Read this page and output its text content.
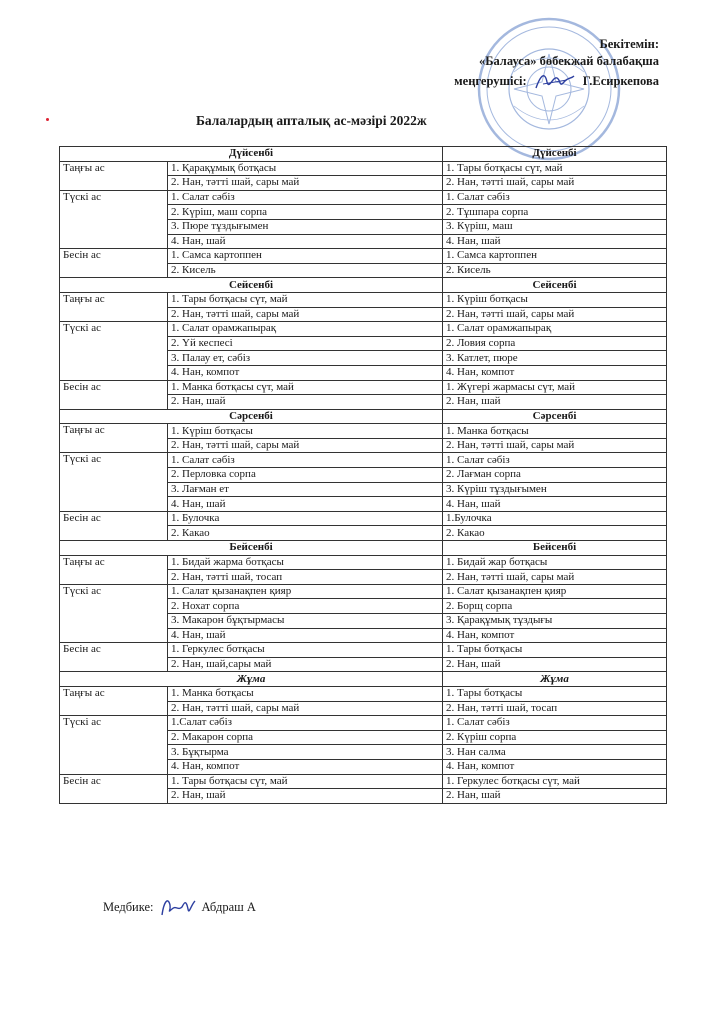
Бекітемін:
«Балауса» бөбекжай балабақша
меңгерушісі:	Г.Есиркепова
Балалардың апталық ас-мәзірі 2022ж
Дүйсенбі		Дүйсенбі
Таңғы ас	1. Қарақұмық ботқасы	1. Тары ботқасы сүт, май
	2. Нан, тәтті шай, сары май	2. Нан, тәтті шай, сары май
Түскі ас	1. Салат сәбіз	1. Салат сәбіз
	2. Күріш, маш сорпа	2. Тұшпара сорпа
	3. Пюре тұздығымен	3. Күріш, маш
	4. Нан, шай	4. Нан, шай
Бесін ас	1. Самса картоппен	1. Самса картоппен
	2. Кисель	2. Кисель
Сейсенбі		Сейсенбі
Таңғы ас	1. Тары ботқасы сүт, май	1. Күріш ботқасы
	2. Нан, тәтті шай, сары май	2. Нан, тәтті шай, сары май
Түскі ас	1. Салат орамжапырақ	1. Салат орамжапырақ
	2. Үй кеспесі	2. Ловия сорпа
	3. Палау ет, сәбіз	3. Катлет, пюре
	4. Нан, компот	4. Нан, компот
Бесін ас	1. Манка ботқасы сүт, май	1. Жүгері жармасы сүт, май
	2. Нан, шай	2. Нан, шай
Сәрсенбі		Сәрсенбі
Таңғы ас	1. Күріш ботқасы	1. Манка ботқасы
	2. Нан, тәтті шай, сары май	2. Нан, тәтті шай, сары май
Түскі ас	1. Салат сәбіз	1. Салат сәбіз
	2. Перловка сорпа	2. Лағман сорпа
	3. Лағман ет	3. Күріш тұздығымен
	4. Нан, шай	4. Нан, шай
Бесін ас	1. Булочка	1.Булочка
	2. Какао	2. Какао
Бейсенбі		Бейсенбі
Таңғы ас	1. Бидай жарма ботқасы	1. Бидай жар ботқасы
	2. Нан, тәтті шай, тосап	2. Нан, тәтті шай, сары май
Түскі ас	1. Салат қызанақпен қияр	1. Салат қызанақпен қияр
	2. Нохат сорпа	2. Борщ сорпа
	3. Макарон бұқтырмасы	3. Қарақұмық тұздығы
	4. Нан, шай	4. Нан, компот
Бесін ас	1. Геркулес ботқасы	1. Тары ботқасы
	2. Нан, шай,сары май	2. Нан, шай
Жұма		Жұма
Таңғы ас	1. Манка ботқасы	1. Тары ботқасы
	2. Нан, тәтті шай, сары май	2. Нан, тәтті шай, тосап
Түскі ас	1.Салат сәбіз	1. Салат сәбіз
	2. Макарон сорпа	2. Күріш сорпа
	3. Бұқтырма	3. Нан салма
	4. Нан, компот	4. Нан, компот
Бесін ас	1. Тары ботқасы сүт, май	1. Геркулес ботқасы сүт, май
	2. Нан, шай	2. Нан, шай
Медбике:	Абдраш А
